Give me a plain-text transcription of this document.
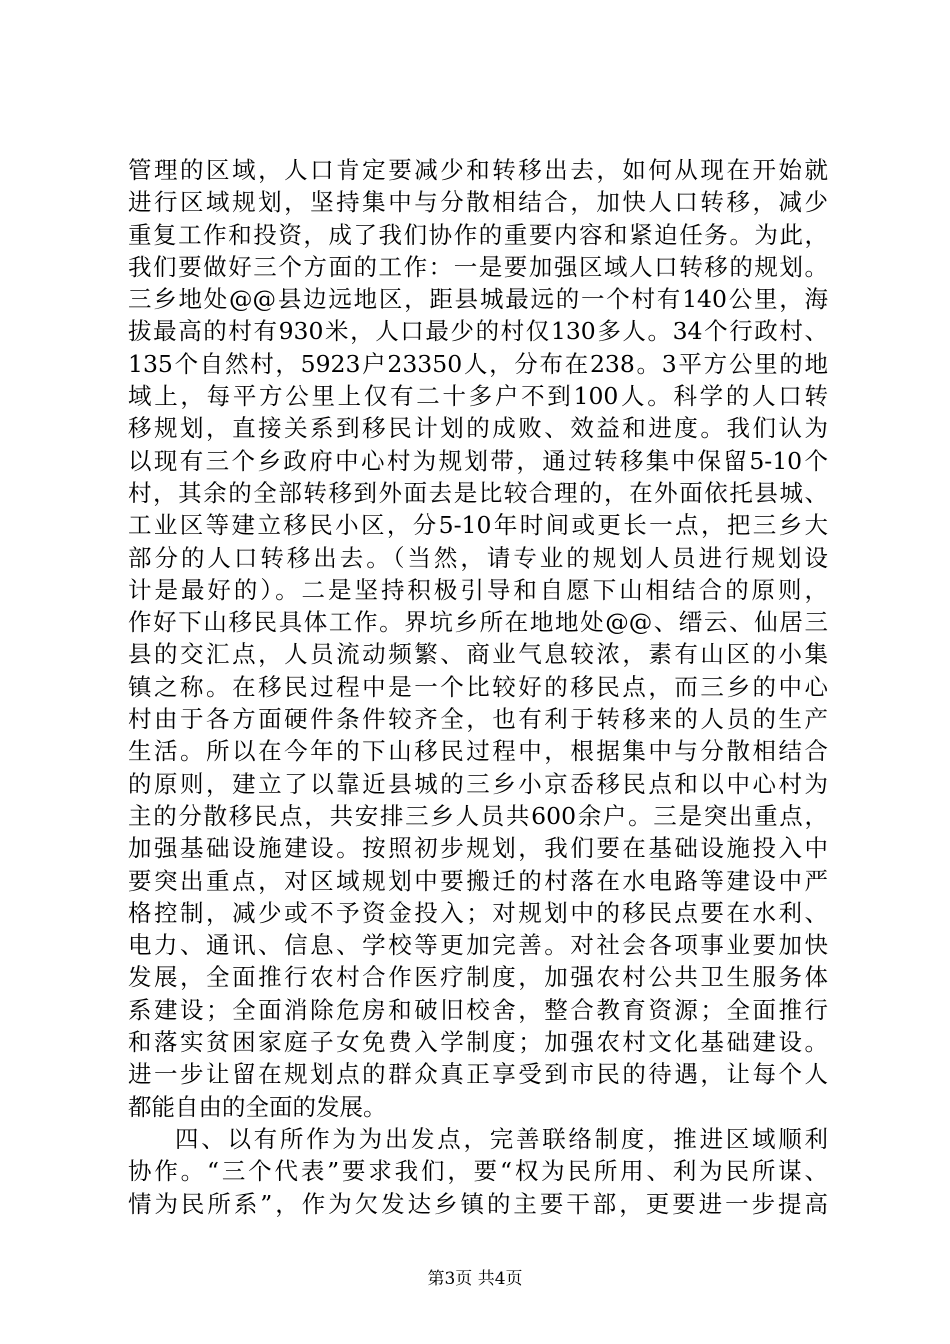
管理的区域，人口肯定要减少和转移出去，如何从现在开始就
进行区域规划，坚持集中与分散相结合，加快人口转移，减少
重复工作和投资，成了我们协作的重要内容和紧迫任务。为此，
我们要做好三个方面的工作：一是要加强区域人口转移的规划。
三乡地处@@县边远地区，距县城最远的一个村有140公里，海
拔最高的村有930米，人口最少的村仅130多人。34个行政村、
135个自然村，5923户23350人，分布在238。3平方公里的地
域上，每平方公里上仅有二十多户不到100人。科学的人口转
移规划，直接关系到移民计划的成败、效益和进度。我们认为
以现有三个乡政府中心村为规划带，通过转移集中保留5-10个
村，其余的全部转移到外面去是比较合理的，在外面依托县城、
工业区等建立移民小区，分5-10年时间或更长一点，把三乡大
部分的人口转移出去。（当然，请专业的规划人员进行规划设
计是最好的）。二是坚持积极引导和自愿下山相结合的原则，
作好下山移民具体工作。界坑乡所在地地处@@、缙云、仙居三
县的交汇点，人员流动频繁、商业气息较浓，素有山区的小集
镇之称。在移民过程中是一个比较好的移民点，而三乡的中心
村由于各方面硬件条件较齐全，也有利于转移来的人员的生产
生活。所以在今年的下山移民过程中，根据集中与分散相结合
的原则，建立了以靠近县城的三乡小京岙移民点和以中心村为
主的分散移民点，共安排三乡人员共600余户。三是突出重点，
加强基础设施建设。按照初步规划，我们要在基础设施投入中
要突出重点，对区域规划中要搬迁的村落在水电路等建设中严
格控制，减少或不予资金投入；对规划中的移民点要在水利、
电力、通讯、信息、学校等更加完善。对社会各项事业要加快
发展，全面推行农村合作医疗制度，加强农村公共卫生服务体
系建设；全面消除危房和破旧校舍，整合教育资源；全面推行
和落实贫困家庭子女免费入学制度；加强农村文化基础建设。
进一步让留在规划点的群众真正享受到市民的待遇，让每个人
都能自由的全面的发展。
四、以有所作为为出发点，完善联络制度，推进区域顺利
协作。“三个代表”要求我们，要“权为民所用、利为民所谋、
情为民所系”，作为欠发达乡镇的主要干部，更要进一步提高
第3页 共4页
